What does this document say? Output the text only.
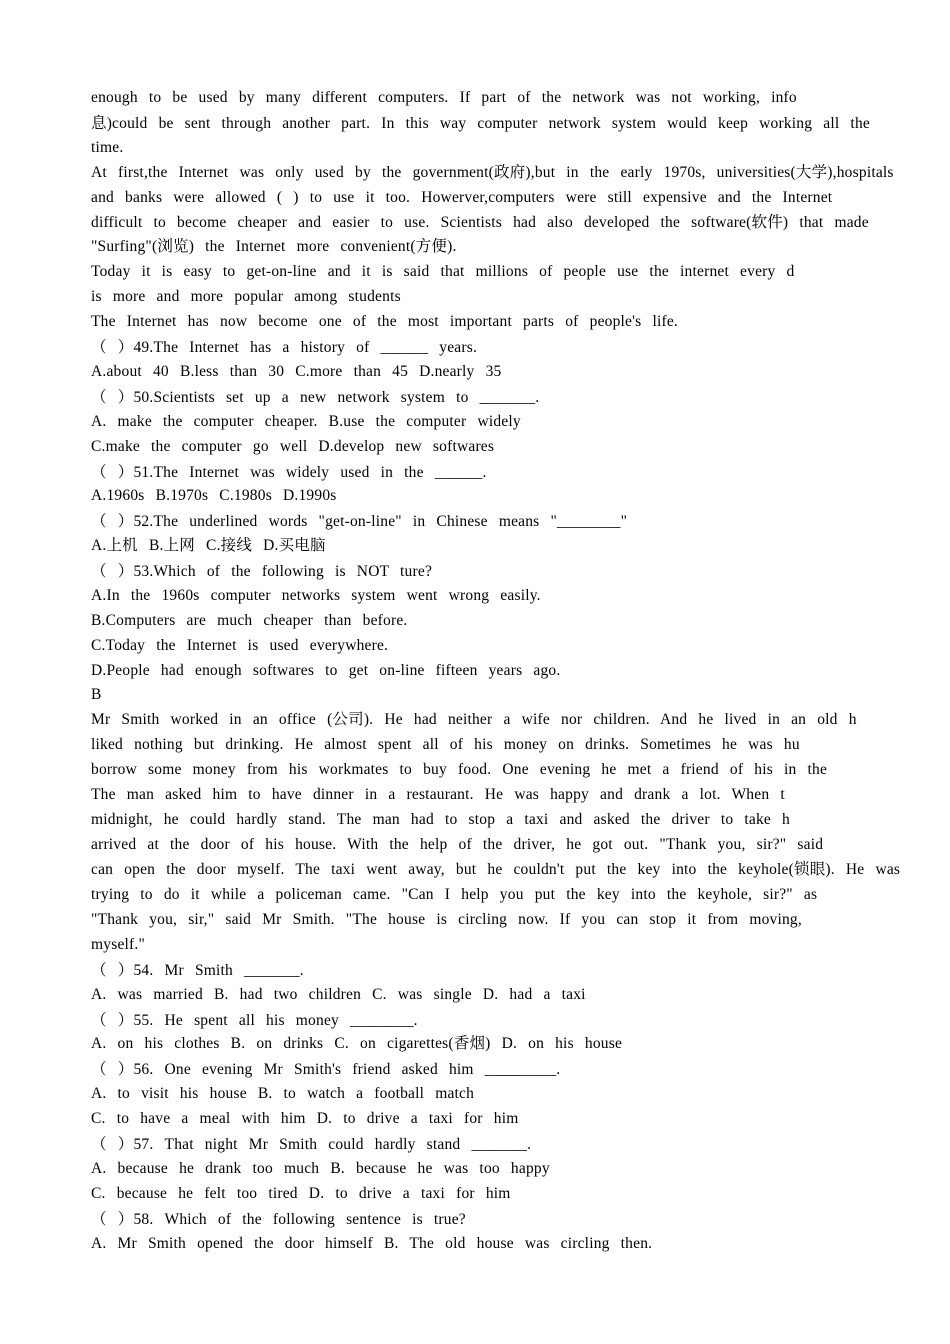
enough to be used by many different computers. If part of the network was not working, info
息)could be sent through another part. In this way computer network system would keep working all the
time.
At first,the Internet was only used by the government(政府),but in the early 1970s, universities(大学),hospitals
and banks were allowed ( ) to use it too. Howerver,computers were still expensive and the Internet
difficult to become cheaper and easier to use. Scientists had also developed the software(软件) that made
"Surfing"(浏览) the Internet more convenient(方便).
Today it is easy to get-on-line and it is said that millions of people use the internet every d
is more and more popular among students
The Internet has now become one of the most important parts of people's life.
（ ）49.The Internet has a history of ______ years.
A.about 40 B.less than 30 C.more than 45 D.nearly 35
（ ）50.Scientists set up a new network system to _______.
A. make the computer cheaper. B.use the computer widely
C.make the computer go well D.develop new softwares
（ ）51.The Internet was widely used in the ______.
A.1960s B.1970s C.1980s D.1990s
（ ）52.The underlined words "get-on-line" in Chinese means "________"
A.上机 B.上网 C.接线 D.买电脑
（ ）53.Which of the following is NOT ture?
A.In the 1960s computer networks system went wrong easily.
B.Computers are much cheaper than before.
C.Today the Internet is used everywhere.
D.People had enough softwares to get on-line fifteen years ago.
B
Mr Smith worked in an office (公司). He had neither a wife nor children. And he lived in an old h
liked nothing but drinking. He almost spent all of his money on drinks. Sometimes he was hu
borrow some money from his workmates to buy food. One evening he met a friend of his in the
The man asked him to have dinner in a restaurant. He was happy and drank a lot. When t
midnight, he could hardly stand. The man had to stop a taxi and asked the driver to take h
arrived at the door of his house. With the help of the driver, he got out. "Thank you, sir?" said
can open the door myself. The taxi went away, but he couldn't put the key into the keyhole(锁眼). He was
trying to do it while a policeman came. "Can I help you put the key into the keyhole, sir?" as
"Thank you, sir," said Mr Smith. "The house is circling now. If you can stop it from moving,
myself."
（ ）54. Mr Smith _______.
A. was married B. had two children C. was single D. had a taxi
（ ）55. He spent all his money ________.
A. on his clothes B. on drinks C. on cigarettes(香烟) D. on his house
（ ）56. One evening Mr Smith's friend asked him _________.
A. to visit his house B. to watch a football match
C. to have a meal with him D. to drive a taxi for him
（ ）57. That night Mr Smith could hardly stand _______.
A. because he drank too much B. because he was too happy
C. because he felt too tired D. to drive a taxi for him
（ ）58. Which of the following sentence is true?
A. Mr Smith opened the door himself B. The old house was circling then.
